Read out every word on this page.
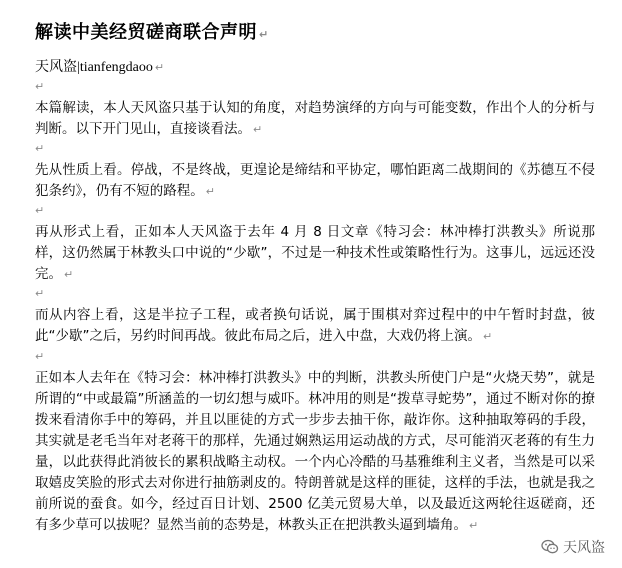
解读中美经贸磋商联合声明 ↵
天风盗|tianfengdaoo ↵
↵
本篇解读，本人天风盗只基于认知的角度，对趋势演绎的方向与可能变数，作出个人的分析与判断。以下开门见山，直接谈看法。 ↵
↵
先从性质上看。停战，不是终战，更遑论是缔结和平协定，哪怕距离二战期间的《苏德互不侵犯条约》，仍有不短的路程。 ↵
↵
再从形式上看，正如本人天风盗于去年 4 月 8 日文章《特习会：林冲棒打洪教头》所说那样，这仍然属于林教头口中说的“少歇”，不过是一种技术性或策略性行为。这事儿，远远还没完。 ↵
↵
而从内容上看，这是半拉子工程，或者换句话说，属于围棋对弈过程中的中午暂时封盘，彼此“少歇”之后，另约时间再战。彼此布局之后，进入中盘，大戏仍将上演。 ↵
↵
正如本人去年在《特习会：林冲棒打洪教头》中的判断，洪教头所使门户是“火烧天势”，就是所谓的“中或最篇”所涵盖的一切幻想与威吓。林冲用的则是“拨草寻蛇势”，通过不断对你的撩拨来看清你手中的筹码，并且以匪徒的方式一步步去抽干你，敲诈你。这种抽取筹码的手段，其实就是老毛当年对老蒋干的那样，先通过娴熟运用运动战的方式，尽可能消灭老蒋的有生力量，以此获得此消彼长的累积战略主动权。一个内心冷酷的马基雅维利主义者，当然是可以采取嬉皮笑脸的形式去对你进行抽筋剥皮的。特朗普就是这样的匪徒，这样的手法，也就是我之前所说的蚕食。如今，经过百日计划、2500 亿美元贸易大单，以及最近这两轮往返磋商，还有多少草可以拔呢？显然当前的态势是，林教头正在把洪教头逼到墙角。 ↵
天风盗
